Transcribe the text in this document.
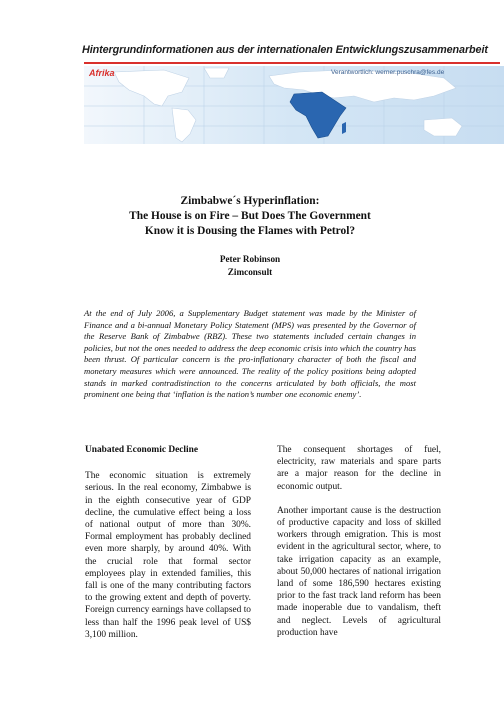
Hintergrundinformationen aus der internationalen Entwicklungszusammenarbeit
Afrika	Verantwortlich: werner.puschra@fes.de
Zimbabwe´s Hyperinflation:
The House is on Fire – But Does The Government
Know it is Dousing the Flames with Petrol?
Peter Robinson
Zimconsult
At the end of July 2006, a Supplementary Budget statement was made by the Minister of Finance and a bi-annual Monetary Policy Statement (MPS) was presented by the Governor of the Reserve Bank of Zimbabwe (RBZ). These two statements included certain changes in policies, but not the ones needed to address the deep economic crisis into which the country has been thrust. Of particular concern is the pro-inflationary character of both the fiscal and monetary measures which were announced. The reality of the policy positions being adopted stands in marked contradistinction to the concerns articulated by both officials, the most prominent one being that ‘inflation is the nation’s number one economic enemy’.
Unabated Economic Decline

The economic situation is extremely serious. In the real economy, Zimbabwe is in the eighth consecutive year of GDP decline, the cumulative effect being a loss of national output of more than 30%. Formal employment has probably declined even more sharply, by around 40%. With the crucial role that formal sector employees play in extended families, this fall is one of the many contributing factors to the growing extent and depth of poverty. Foreign currency earnings have collapsed to less than half the 1996 peak level of US$ 3,100 million.

The consequent shortages of fuel, electricity, raw materials and spare parts are a major reason for the decline in economic output.

Another important cause is the destruction of productive capacity and loss of skilled workers through emigration. This is most evident in the agricultural sector, where, to take irrigation capacity as an example, about 50,000 hectares of national irrigation land of some 186,590 hectares existing prior to the fast track land reform has been made inoperable due to vandalism, theft and neglect. Levels of agricultural production have
